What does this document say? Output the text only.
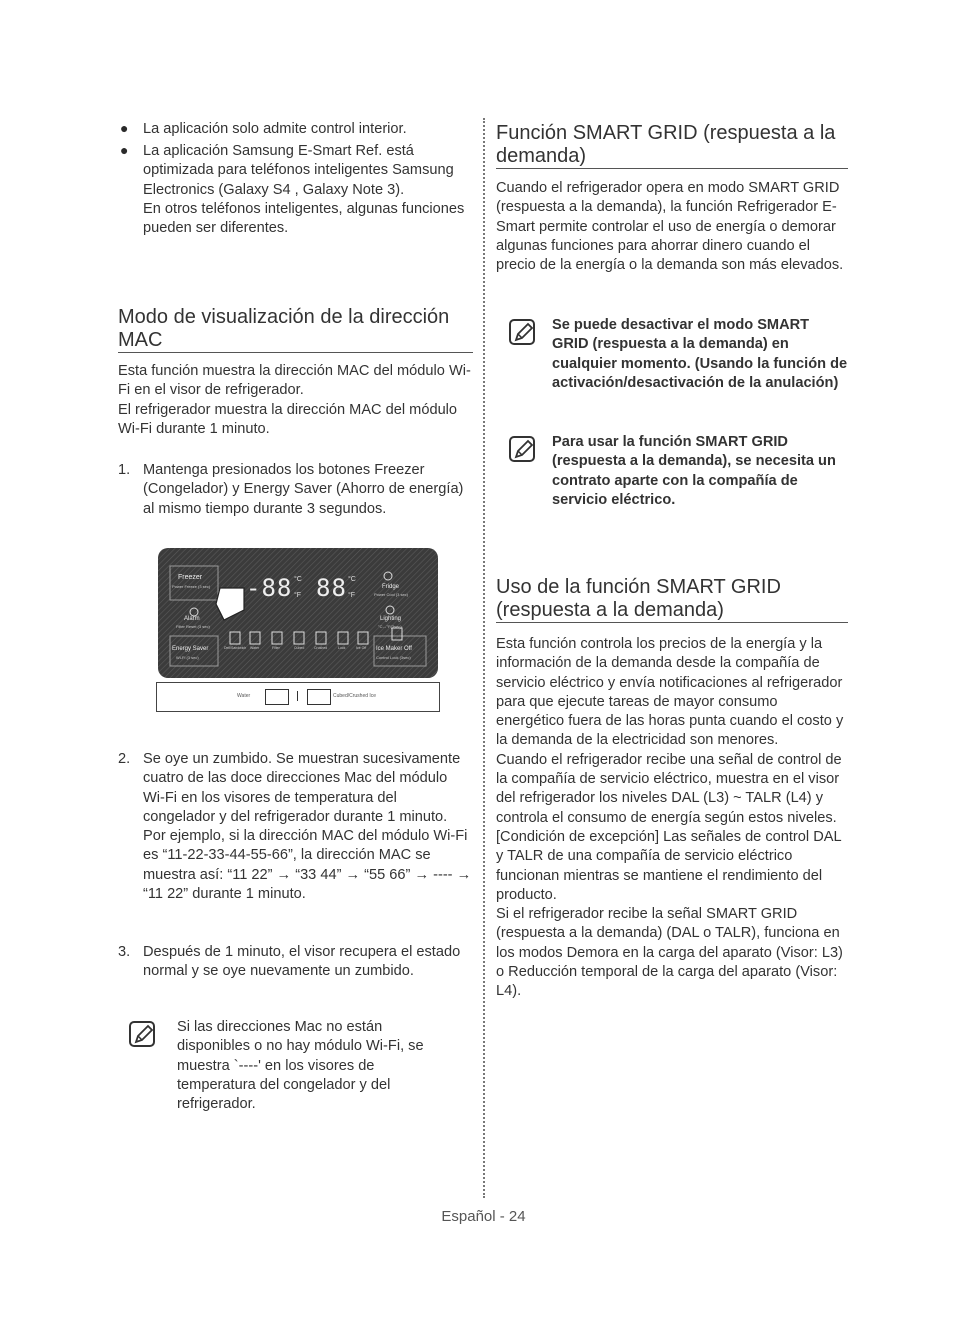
● La aplicación solo admite control interior.

● La aplicación Samsung E-Smart Ref. está optimizada para teléfonos inteligentes Samsung Electronics (Galaxy S4 , Galaxy Note 3).

En otros teléfonos inteligentes, algunas funciones pueden ser diferentes.

Modo de visualización de la dirección MAC

Esta función muestra la dirección MAC del módulo Wi-Fi en el visor de refrigerador.

El refrigerador muestra la dirección MAC del módulo Wi-Fi durante 1 minuto.

1. Mantenga presionados los botones Freezer (Congelador) y Energy Saver (Ahorro de energía) al mismo tiempo durante 3 segundos.

2. Se oye un zumbido. Se muestran sucesivamente cuatro de las doce direcciones Mac del módulo Wi-Fi en los visores de temperatura del congelador y del refrigerador durante 1 minuto.

Por ejemplo, si la dirección MAC del módulo Wi-Fi es “11-22-33-44-55-66”, la dirección MAC se muestra así: “11 22” → “33 44” → “55 66” → ---- → “11 22” durante 1 minuto.

3. Después de 1 minuto, el visor recupera el estado normal y se oye nuevamente un zumbido.

Si las direcciones Mac no están disponibles o no hay módulo Wi-Fi, se muestra `----' en los visores de temperatura del congelador y del refrigerador.

Freezer
Power Freeze (3 sec)
Alarm
Filter Reset (3 sec)
Energy Saver
Wi-Fi (3 sec)
-88 °C
°F 88 °C
°F
Fridge
Power Cool (3 sec)
Lighting
°C↔°F(3sec)
Ice Maker Off
Control Lock (3sec)
Deli/Sandwich Water	Filter	Cubed	Crushed	Lock	Ice Off
Water	Cubed/Crushed Ice
Función SMART GRID (respuesta a la demanda)

Cuando el refrigerador opera en modo SMART GRID (respuesta a la demanda), la función Refrigerador E-Smart permite controlar el uso de energía o demorar algunas funciones para ahorrar dinero cuando el precio de la energía o la demanda son más elevados.

Se puede desactivar el modo SMART GRID (respuesta a la demanda) en cualquier momento. (Usando la función de activación/desactivación de la anulación)

Para usar la función SMART GRID (respuesta a la demanda), se necesita un contrato aparte con la compañía de servicio eléctrico.

Uso de la función SMART GRID (respuesta a la demanda)

Esta función controla los precios de la energía y la información de la demanda desde la compañía de servicio eléctrico y envía notificaciones al refrigerador para que ejecute tareas de mayor consumo energético fuera de las horas punta cuando el costo y la demanda de la electricidad son menores.

Cuando el refrigerador recibe una señal de control de la compañía de servicio eléctrico, muestra en el visor del refrigerador los niveles DAL (L3) ~ TALR (L4) y controla el consumo de energía según estos niveles.

[Condición de excepción] Las señales de control DAL y TALR de una compañía de servicio eléctrico funcionan mientras se mantiene el rendimiento del producto.

Si el refrigerador recibe la señal SMART GRID (respuesta a la demanda) (DAL o TALR), funciona en los modos Demora en la carga del aparato (Visor: L3) o Reducción temporal de la carga del aparato (Visor: L4).

Español - 24
